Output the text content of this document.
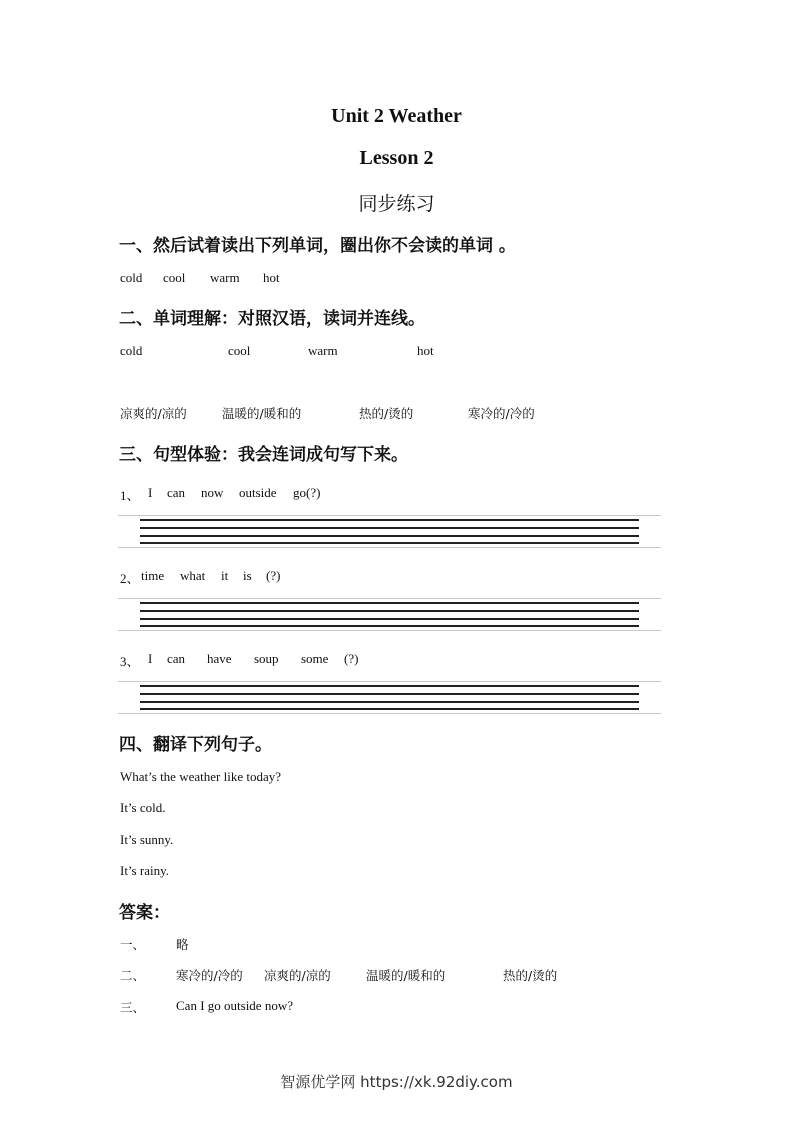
Unit 2 Weather
Lesson 2
同步练习
一、然后试着读出下列单词，圈出你不会读的单词 。
cold cool warm hot
二、单词理解：对照汉语，读词并连线。
cold	cool	warm	hot
凉爽的/凉的	温暖的/暖和的	热的/烫的	寒冷的/冷的
三、句型体验：我会连词成句写下来。
1、 I can now outside go(?)
2、 time what it is (?)
3、 I can have soup some (?)
四、翻译下列句子。
What’s the weather like today?
It’s cold.
It’s sunny.
It’s rainy.
答案：
一、 略
二、 寒冷的/冷的 凉爽的/凉的	温暖的/暖和的	热的/烫的
三、 Can I go outside now?
智源优学网 https://xk.92diy.com
